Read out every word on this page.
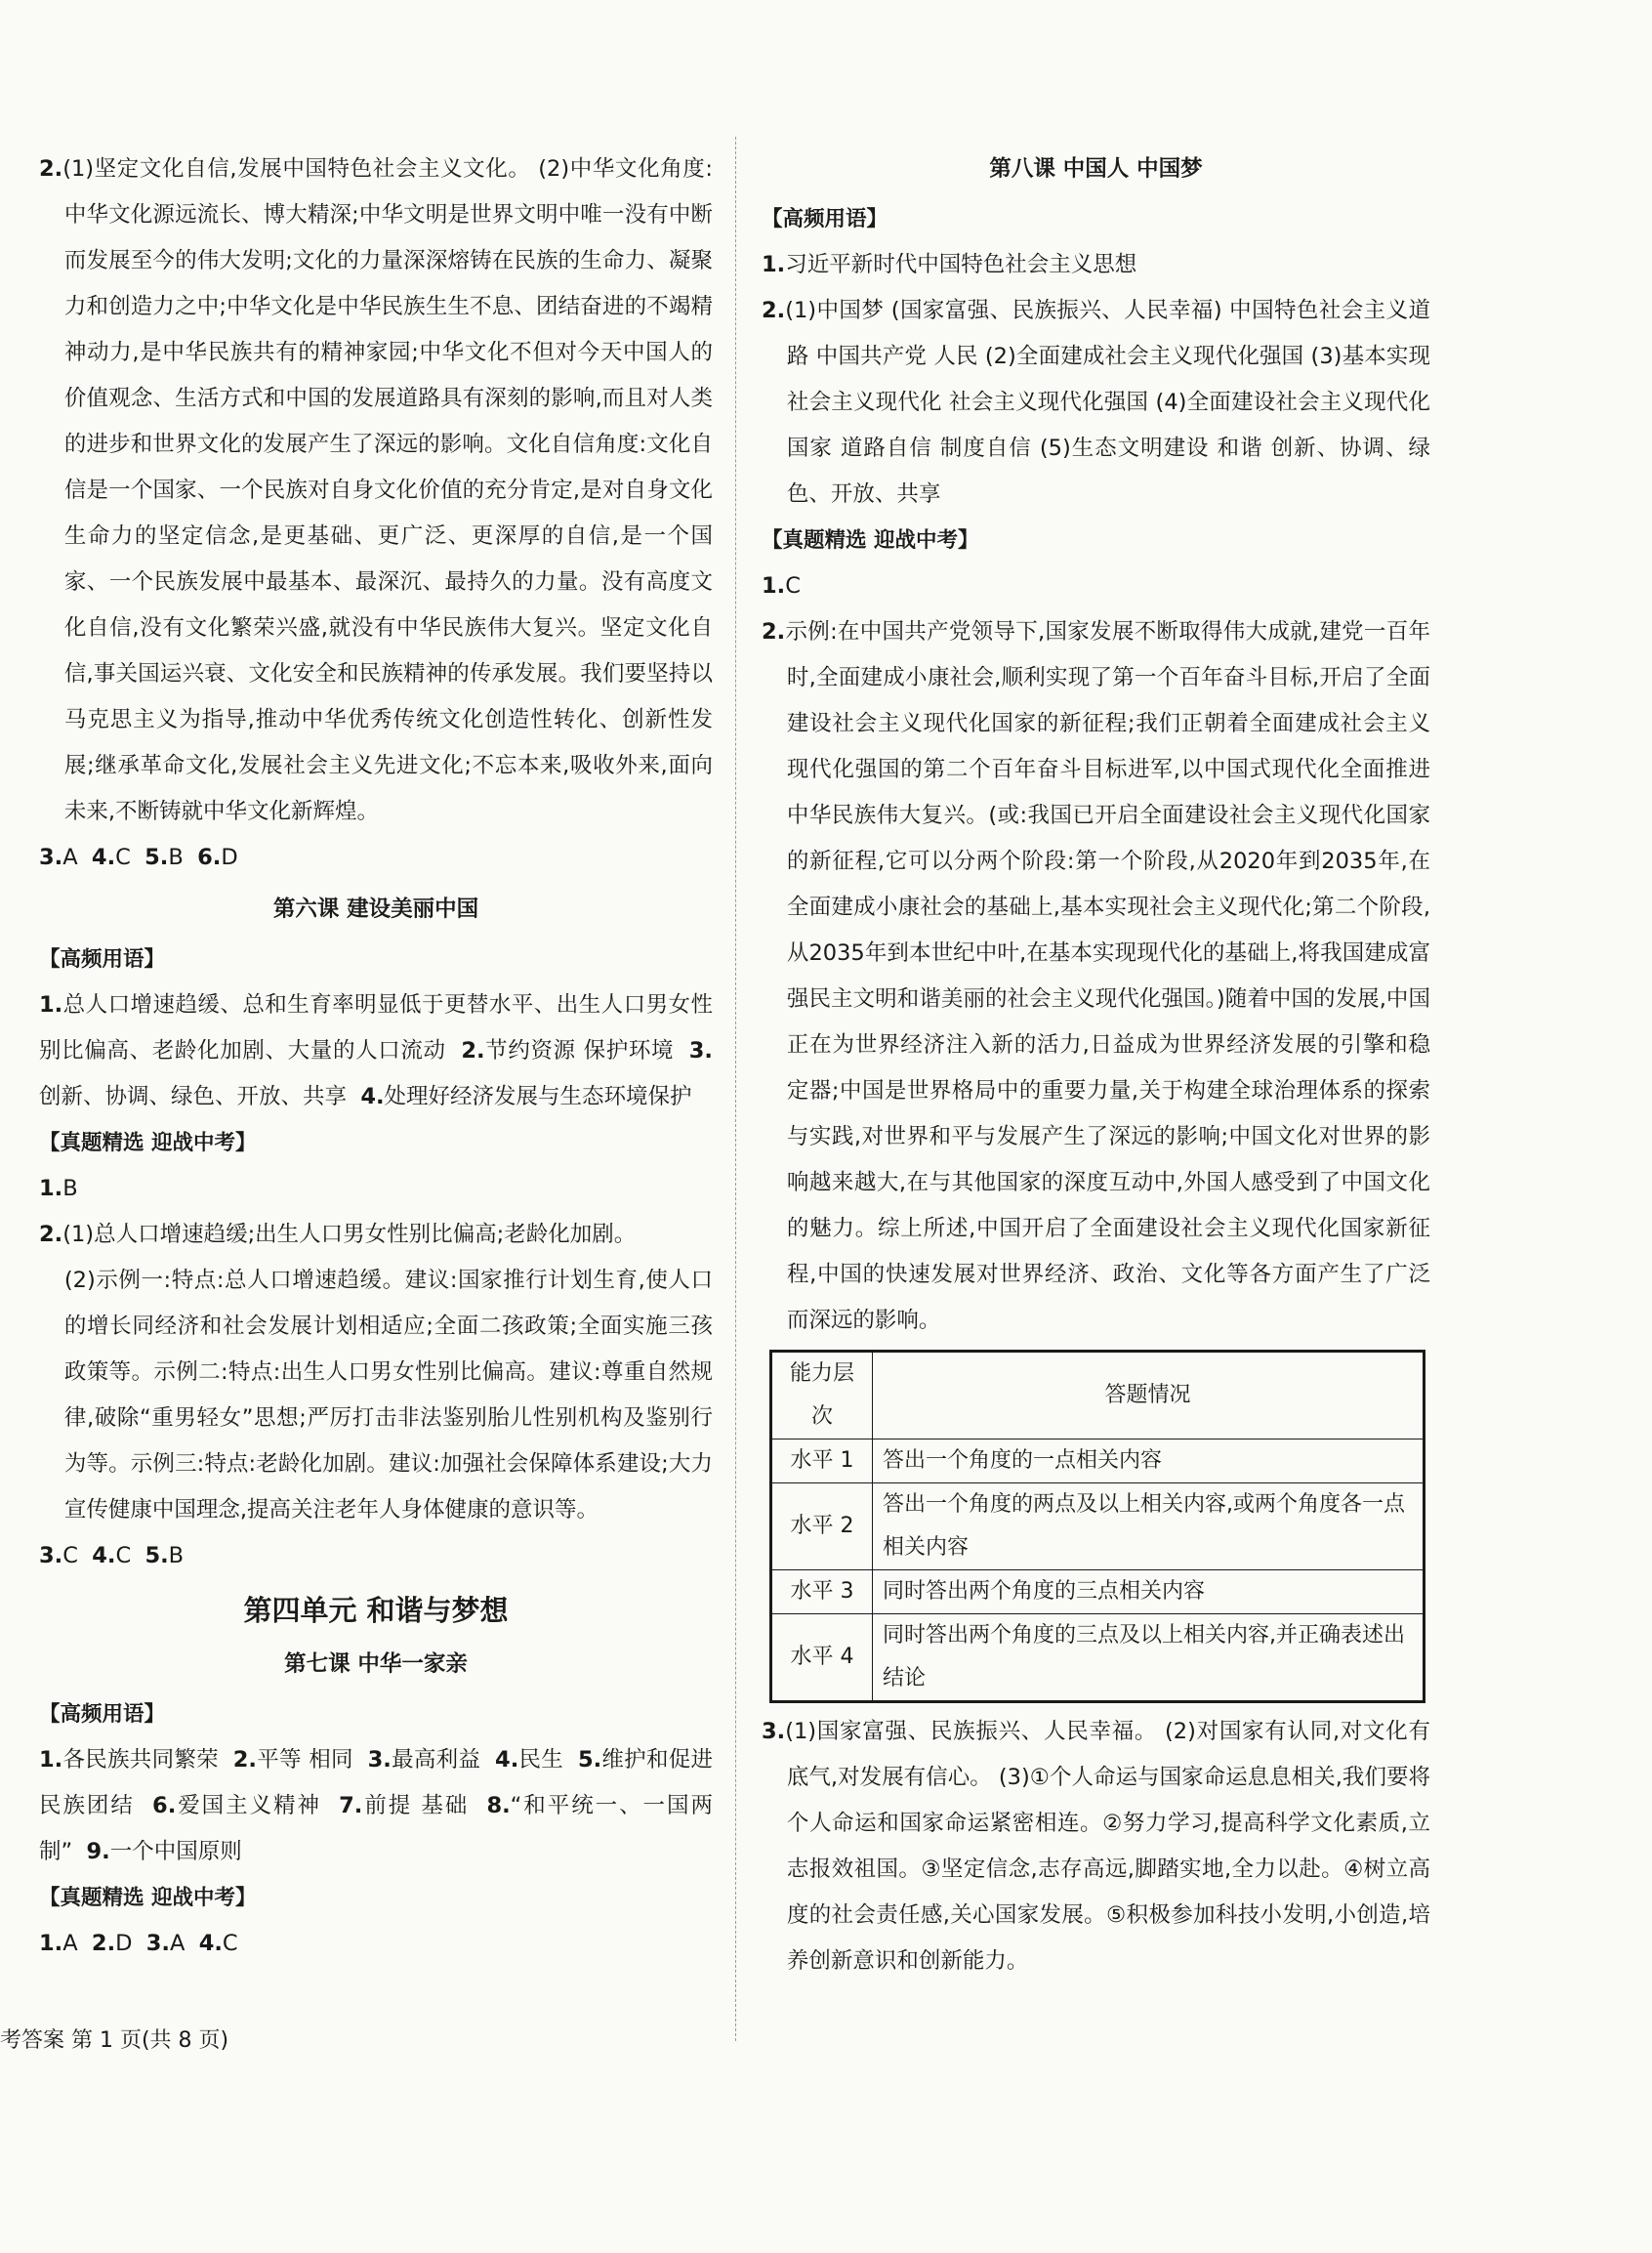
2.(1)坚定文化自信,发展中国特色社会主义文化。 (2)中华文化角度:中华文化源远流长、博大精深;中华文明是世界文明中唯一没有中断而发展至今的伟大发明;文化的力量深深熔铸在民族的生命力、凝聚力和创造力之中;中华文化是中华民族生生不息、团结奋进的不竭精神动力,是中华民族共有的精神家园;中华文化不但对今天中国人的价值观念、生活方式和中国的发展道路具有深刻的影响,而且对人类的进步和世界文化的发展产生了深远的影响。文化自信角度:文化自信是一个国家、一个民族对自身文化价值的充分肯定,是对自身文化生命力的坚定信念,是更基础、更广泛、更深厚的自信,是一个国家、一个民族发展中最基本、最深沉、最持久的力量。没有高度文化自信,没有文化繁荣兴盛,就没有中华民族伟大复兴。坚定文化自信,事关国运兴衰、文化安全和民族精神的传承发展。我们要坚持以马克思主义为指导,推动中华优秀传统文化创造性转化、创新性发展;继承革命文化,发展社会主义先进文化;不忘本来,吸收外来,面向未来,不断铸就中华文化新辉煌。

3.A 4.C 5.B 6.D

第六课 建设美丽中国

【高频用语】

1.总人口增速趋缓、总和生育率明显低于更替水平、出生人口男女性别比偏高、老龄化加剧、大量的人口流动 2.节约资源 保护环境 3.创新、协调、绿色、开放、共享 4.处理好经济发展与生态环境保护

【真题精选 迎战中考】

1.B

2.(1)总人口增速趋缓;出生人口男女性别比偏高;老龄化加剧。

(2)示例一:特点:总人口增速趋缓。建议:国家推行计划生育,使人口的增长同经济和社会发展计划相适应;全面二孩政策;全面实施三孩政策等。示例二:特点:出生人口男女性别比偏高。建议:尊重自然规律,破除“重男轻女”思想;严厉打击非法鉴别胎儿性别机构及鉴别行为等。示例三:特点:老龄化加剧。建议:加强社会保障体系建设;大力宣传健康中国理念,提高关注老年人身体健康的意识等。

3.C 4.C 5.B

第四单元 和谐与梦想

第七课 中华一家亲

【高频用语】

1.各民族共同繁荣 2.平等 相同 3.最高利益 4.民生 5.维护和促进民族团结 6.爱国主义精神 7.前提 基础 8.“和平统一、一国两制” 9.一个中国原则

【真题精选 迎战中考】

1.A 2.D 3.A 4.C

第八课 中国人 中国梦

【高频用语】

1.习近平新时代中国特色社会主义思想

2.(1)中国梦 (国家富强、民族振兴、人民幸福) 中国特色社会主义道路 中国共产党 人民 (2)全面建成社会主义现代化强国 (3)基本实现社会主义现代化 社会主义现代化强国 (4)全面建设社会主义现代化国家 道路自信 制度自信 (5)生态文明建设 和谐 创新、协调、绿色、开放、共享

【真题精选 迎战中考】

1.C

2.示例:在中国共产党领导下,国家发展不断取得伟大成就,建党一百年时,全面建成小康社会,顺利实现了第一个百年奋斗目标,开启了全面建设社会主义现代化国家的新征程;我们正朝着全面建成社会主义现代化强国的第二个百年奋斗目标进军,以中国式现代化全面推进中华民族伟大复兴。(或:我国已开启全面建设社会主义现代化国家的新征程,它可以分两个阶段:第一个阶段,从2020年到2035年,在全面建成小康社会的基础上,基本实现社会主义现代化;第二个阶段,从2035年到本世纪中叶,在基本实现现代化的基础上,将我国建成富强民主文明和谐美丽的社会主义现代化强国。)随着中国的发展,中国正在为世界经济注入新的活力,日益成为世界经济发展的引擎和稳定器;中国是世界格局中的重要力量,关于构建全球治理体系的探索与实践,对世界和平与发展产生了深远的影响;中国文化对世界的影响越来越大,在与其他国家的深度互动中,外国人感受到了中国文化的魅力。综上所述,中国开启了全面建设社会主义现代化国家新征程,中国的快速发展对世界经济、政治、文化等各方面产生了广泛而深远的影响。

能力层次	答题情况
水平 1	答出一个角度的一点相关内容
水平 2	答出一个角度的两点及以上相关内容,或两个角度各一点相关内容
水平 3	同时答出两个角度的三点相关内容
水平 4	同时答出两个角度的三点及以上相关内容,并正确表述出结论

3.(1)国家富强、民族振兴、人民幸福。 (2)对国家有认同,对文化有底气,对发展有信心。 (3)①个人命运与国家命运息息相关,我们要将个人命运和国家命运紧密相连。②努力学习,提高科学文化素质,立志报效祖国。③坚定信念,志存高远,脚踏实地,全力以赴。④树立高度的社会责任感,关心国家发展。⑤积极参加科技小发明,小创造,培养创新意识和创新能力。

考答案 第 1 页(共 8 页)
